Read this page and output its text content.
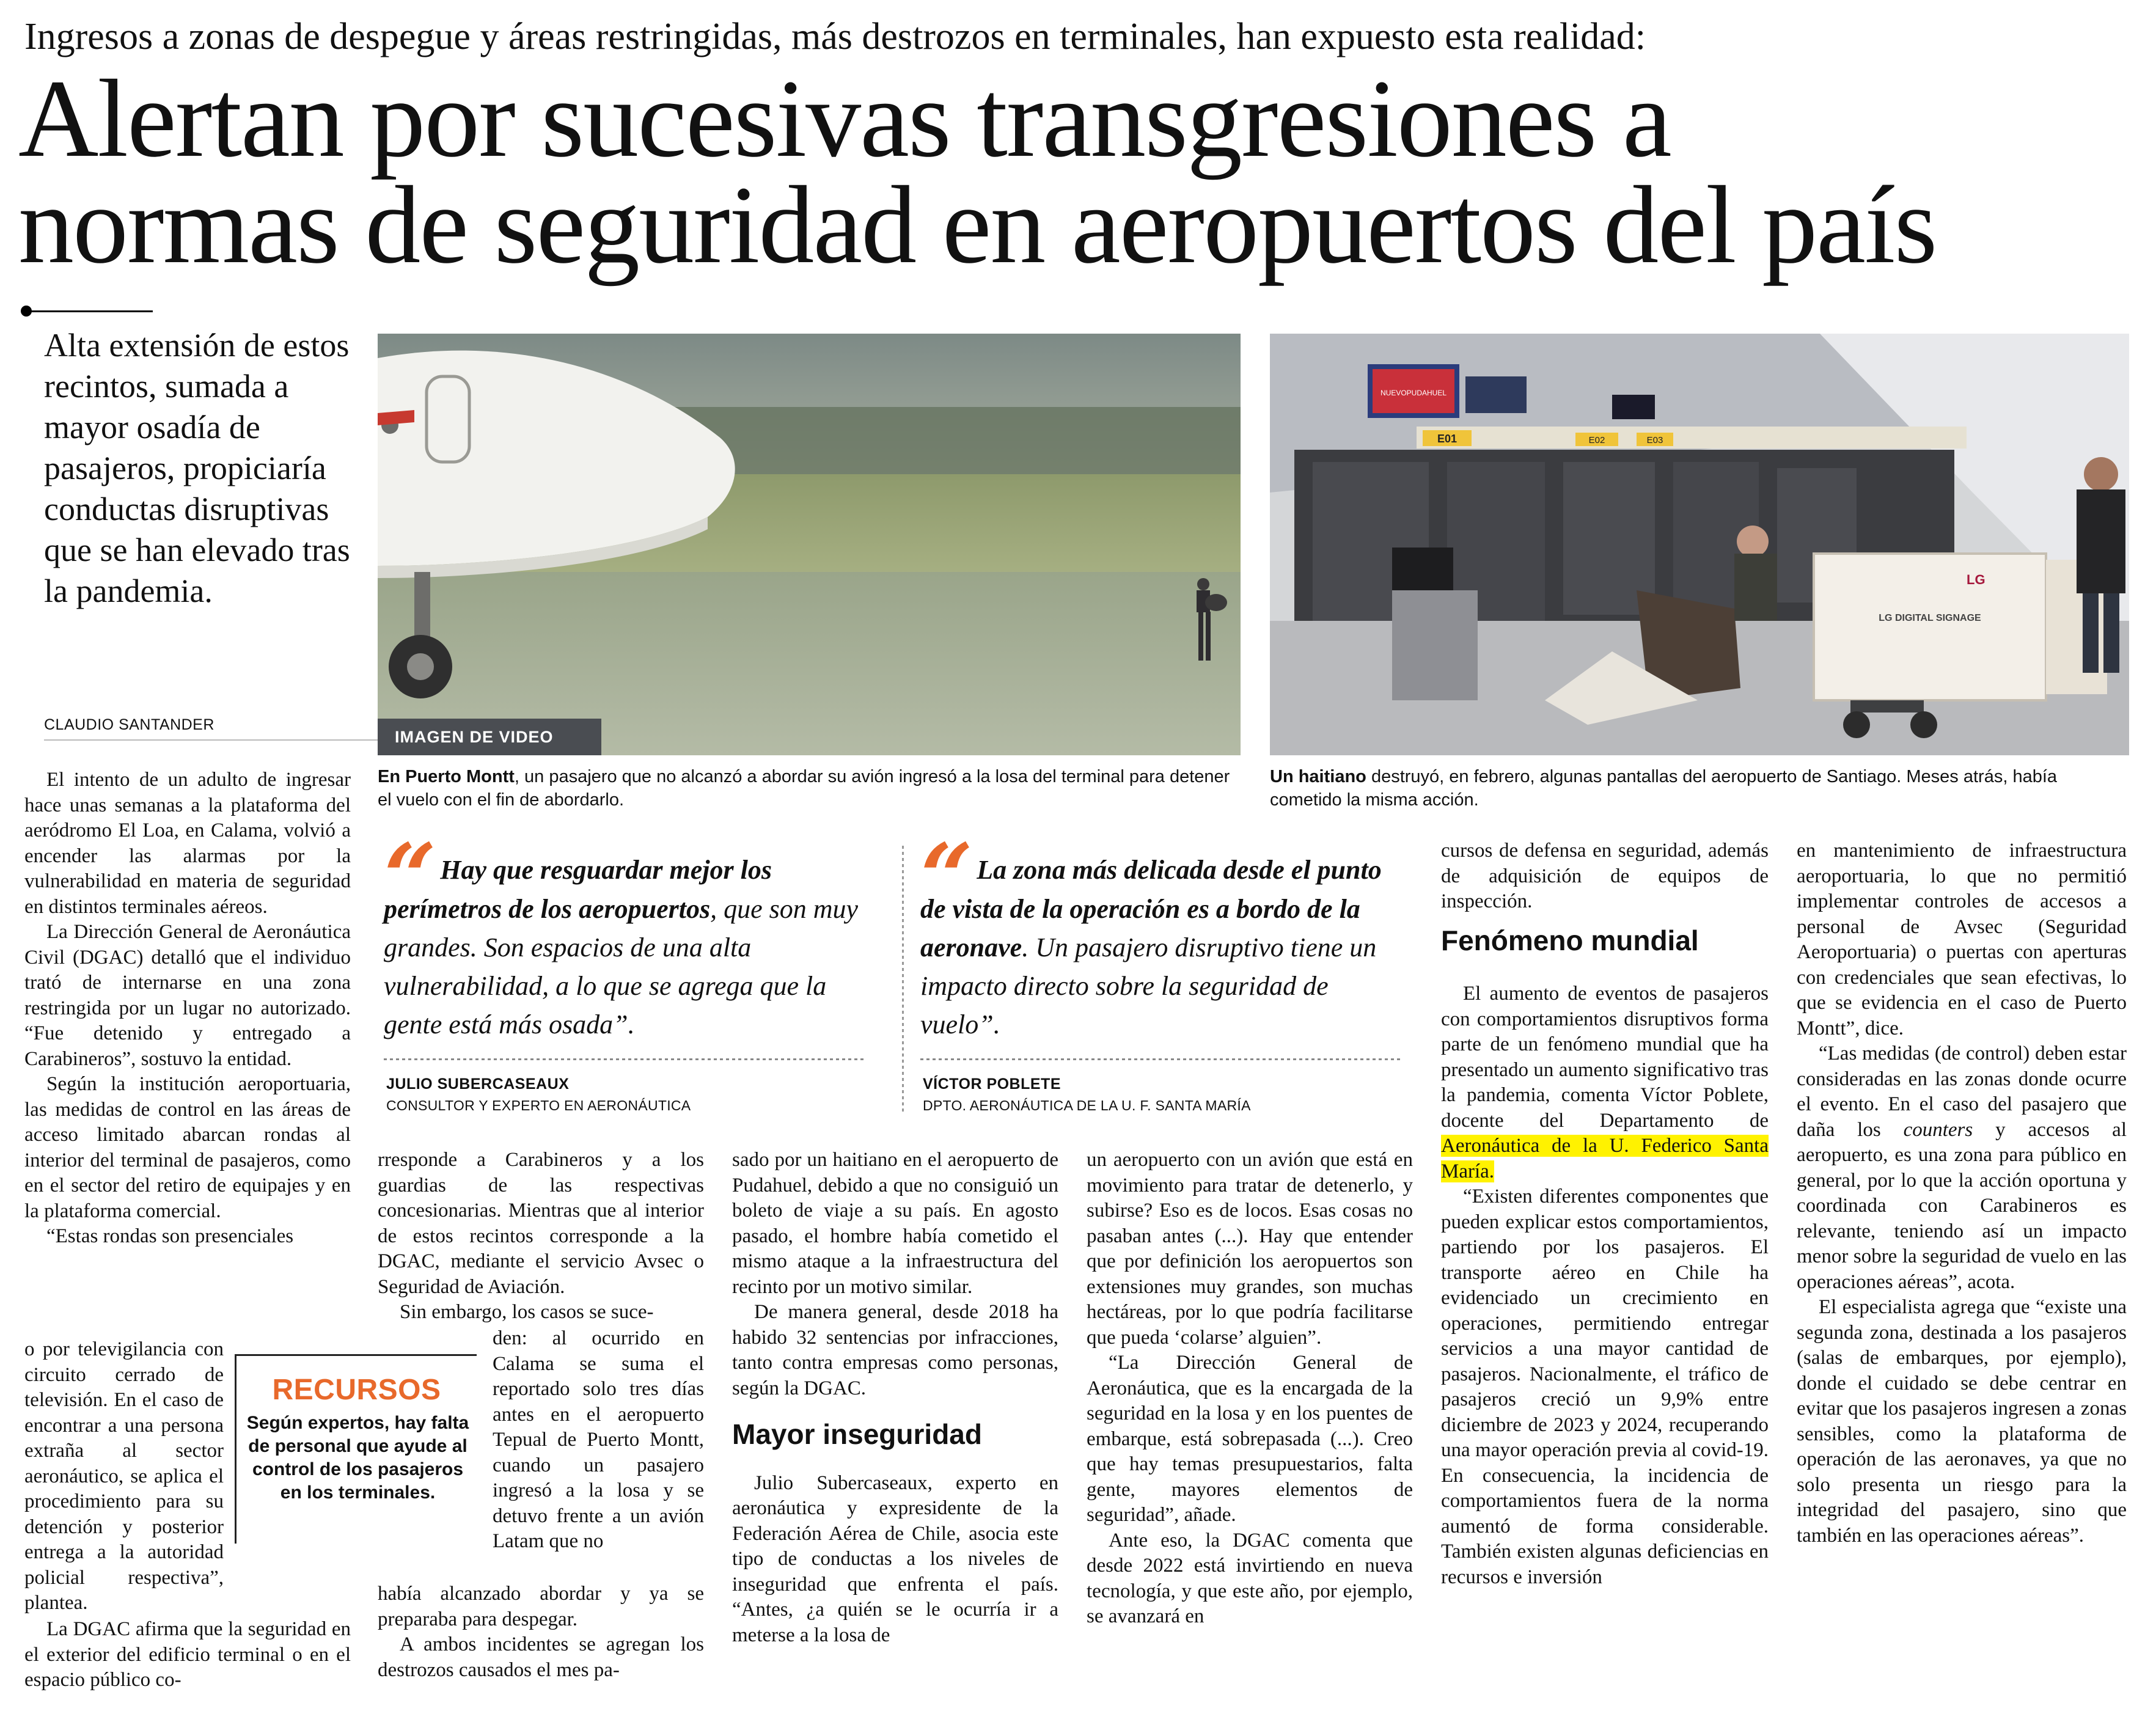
Ingresos a zonas de despegue y áreas restringidas, más destrozos en terminales, han expuesto esta realidad:
Alertan por sucesivas transgresiones a
normas de seguridad en aeropuertos del país
Alta extensión de estos recintos, sumada a mayor osadía de pasajeros, propiciaría conductas disruptivas que se han elevado tras la pandemia.
CLAUDIO SANTANDER
IMAGEN DE VIDEO
En Puerto Montt, un pasajero que no alcanzó a abordar su avión ingresó a la losa del terminal para detener el vuelo con el fin de abordarlo.
NUEVOPUDAHUEL
E01	E02	E03
LG
LG DIGITAL SIGNAGE
Un haitiano destruyó, en febrero, algunas pantallas del aeropuerto de Santiago. Meses atrás, había cometido la misma acción.
“ Hay que resguardar mejor los perímetros de los aeropuertos, que son muy grandes. Son espacios de una alta vulnerabilidad, a lo que se agrega que la gente está más osada”.
JULIO SUBERCASEAUX
CONSULTOR Y EXPERTO EN AERONÁUTICA
“ La zona más delicada desde el punto de vista de la operación es a bordo de la aeronave. Un pasajero disruptivo tiene un impacto directo sobre la seguridad de vuelo”.
VÍCTOR POBLETE
DPTO. AERONÁUTICA DE LA U. F. SANTA MARÍA

El intento de un adulto de ingresar hace unas semanas a la plataforma del aeródromo El Loa, en Calama, volvió a encender las alarmas por la vulnerabilidad en materia de seguridad en distintos terminales aéreos.

La Dirección General de Aeronáutica Civil (DGAC) detalló que el individuo trató de internarse en una zona restringida por un lugar no autorizado. “Fue detenido y entregado a Carabineros”, sostuvo la entidad.

Según la institución aeroportuaria, las medidas de control en las áreas de acceso limitado abarcan rondas al interior del terminal de pasajeros, como en el sector del retiro de equipajes y en la plataforma comercial.

“Estas rondas son presenciales

o por televigilancia con circuito cerrado de televisión. En el caso de encontrar a una persona extraña al sector aeronáutico, se aplica el procedimiento para su detención y posterior entrega a la autoridad policial respectiva”, plantea.

La DGAC afirma que la seguridad en el exterior del edificio terminal o en el espacio público co-

RECURSOS
Según expertos, hay falta de personal que ayude al control de los pasajeros en los terminales.

rresponde a Carabineros y a los guardias de las respectivas concesionarias. Mientras que al interior de estos recintos corresponde a la DGAC, mediante el servicio Avsec o Seguridad de Aviación.

Sin embargo, los casos se suce-

den: al ocurrido en Calama se suma el reportado solo tres días antes en el aeropuerto Tepual de Puerto Montt, cuando un pasajero ingresó a la losa y se detuvo frente a un avión Latam que no

había alcanzado abordar y ya se preparaba para despegar.

A ambos incidentes se agregan los destrozos causados el mes pa-

sado por un haitiano en el aeropuerto de Pudahuel, debido a que no consiguió un boleto de viaje a su país. En agosto pasado, el hombre había cometido el mismo ataque a la infraestructura del recinto por un motivo similar.

De manera general, desde 2018 ha habido 32 sentencias por infracciones, tanto contra empresas como personas, según la DGAC.

Mayor inseguridad

Julio Subercaseaux, experto en aeronáutica y expresidente de la Federación Aérea de Chile, asocia este tipo de conductas a los niveles de inseguridad que enfrenta el país. “Antes, ¿a quién se le ocurría ir a meterse a la losa de

un aeropuerto con un avión que está en movimiento para tratar de detenerlo, y subirse? Eso es de locos. Esas cosas no pasaban antes (...). Hay que entender que por definición los aeropuertos son extensiones muy grandes, son muchas hectáreas, por lo que podría facilitarse que pueda ‘colarse’ alguien”.

“La Dirección General de Aeronáutica, que es la encargada de la seguridad en la losa y en los puentes de embarque, está sobrepasada (...). Creo que hay temas presupuestarios, falta gente, mayores elementos de seguridad”, añade.

Ante eso, la DGAC comenta que desde 2022 está invirtiendo en nueva tecnología, y que este año, por ejemplo, se avanzará en

cursos de defensa en seguridad, además de adquisición de equipos de inspección.

Fenómeno mundial

El aumento de eventos de pasajeros con comportamientos disruptivos forma parte de un fenómeno mundial que ha presentado un aumento significativo tras la pandemia, comenta Víctor Poblete, docente del Departamento de Aeronáutica de la U. Federico Santa María.

“Existen diferentes componentes que pueden explicar estos comportamientos, partiendo por los pasajeros. El transporte aéreo en Chile ha evidenciado un crecimiento en operaciones, permitiendo entregar servicios a una mayor cantidad de pasajeros. Nacionalmente, el tráfico de pasajeros creció un 9,9% entre diciembre de 2023 y 2024, recuperando una mayor operación previa al covid-19. En consecuencia, la incidencia de comportamientos fuera de la norma aumentó de forma considerable. También existen algunas deficiencias en recursos e inversión

en mantenimiento de infraestructura aeroportuaria, lo que no permitió implementar controles de accesos a personal de Avsec (Seguridad Aeroportuaria) o puertas con aperturas con credenciales que sean efectivas, lo que se evidencia en el caso de Puerto Montt”, dice.

“Las medidas (de control) deben estar consideradas en las zonas donde ocurre el evento. En el caso del pasajero que daña los counters y accesos al aeropuerto, es una zona para público en general, por lo que la acción oportuna y coordinada con Carabineros es relevante, teniendo así un impacto menor sobre la seguridad de vuelo en las operaciones aéreas”, acota.

El especialista agrega que “existe una segunda zona, destinada a los pasajeros (salas de embarques, por ejemplo), donde el cuidado se debe centrar en evitar que los pasajeros ingresen a zonas sensibles, como la plataforma de operación de las aeronaves, ya que no solo presenta un riesgo para la integridad del pasajero, sino que también en las operaciones aéreas”.
